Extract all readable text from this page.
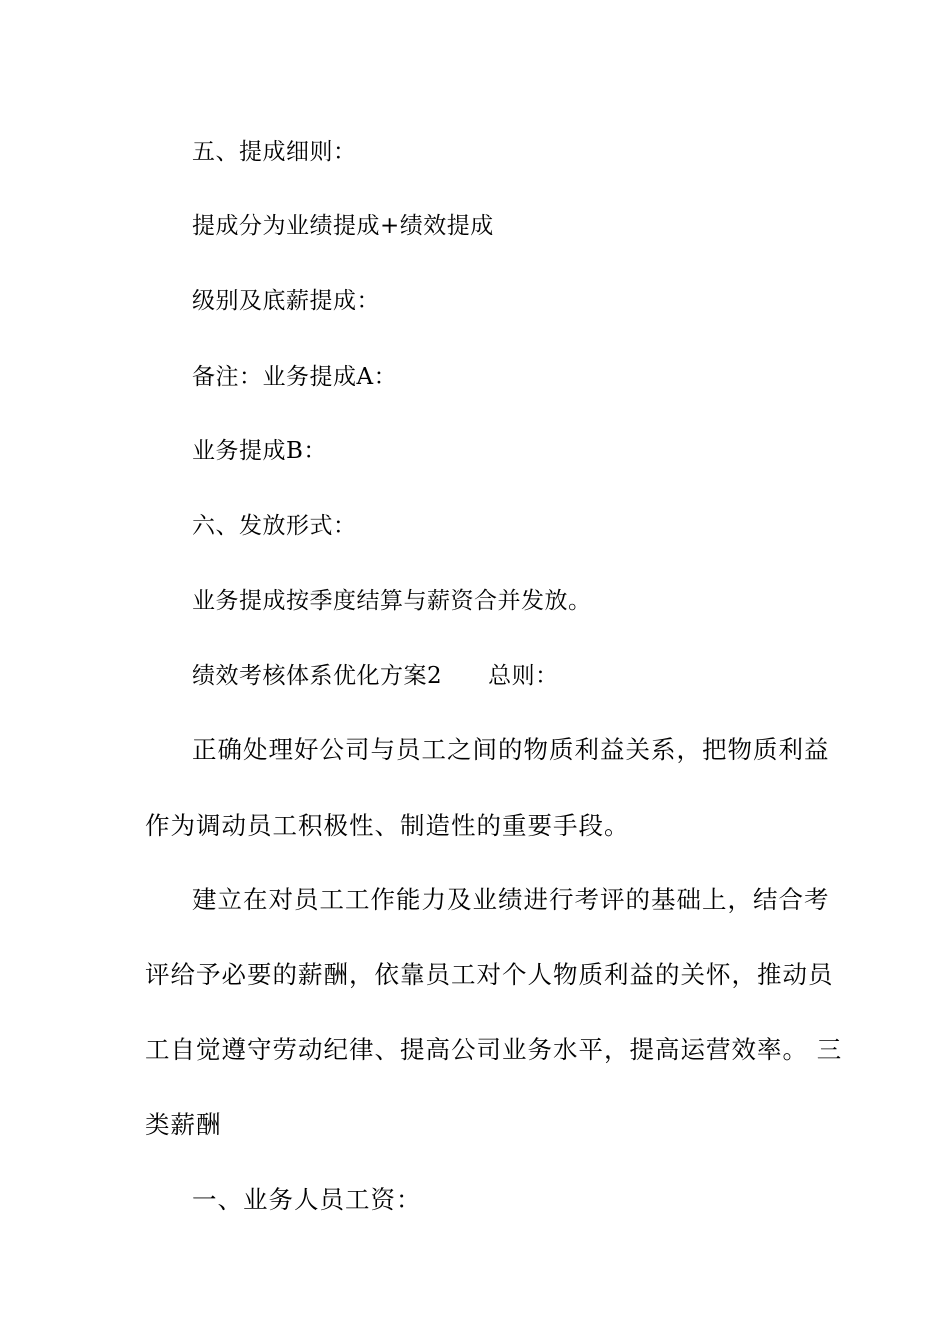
五、提成细则：
提成分为业绩提成+绩效提成
级别及底薪提成：
备注：业务提成A：
业务提成B：
六、发放形式：
业务提成按季度结算与薪资合并发放。
绩效考核体系优化方案2 总则：
正确处理好公司与员工之间的物质利益关系，把物质利益
作为调动员工积极性、制造性的重要手段。
建立在对员工工作能力及业绩进行考评的基础上，结合考
评给予必要的薪酬，依靠员工对个人物质利益的关怀，推动员
工自觉遵守劳动纪律、提高公司业务水平，提高运营效率。 三
类薪酬
一、业务人员工资：
